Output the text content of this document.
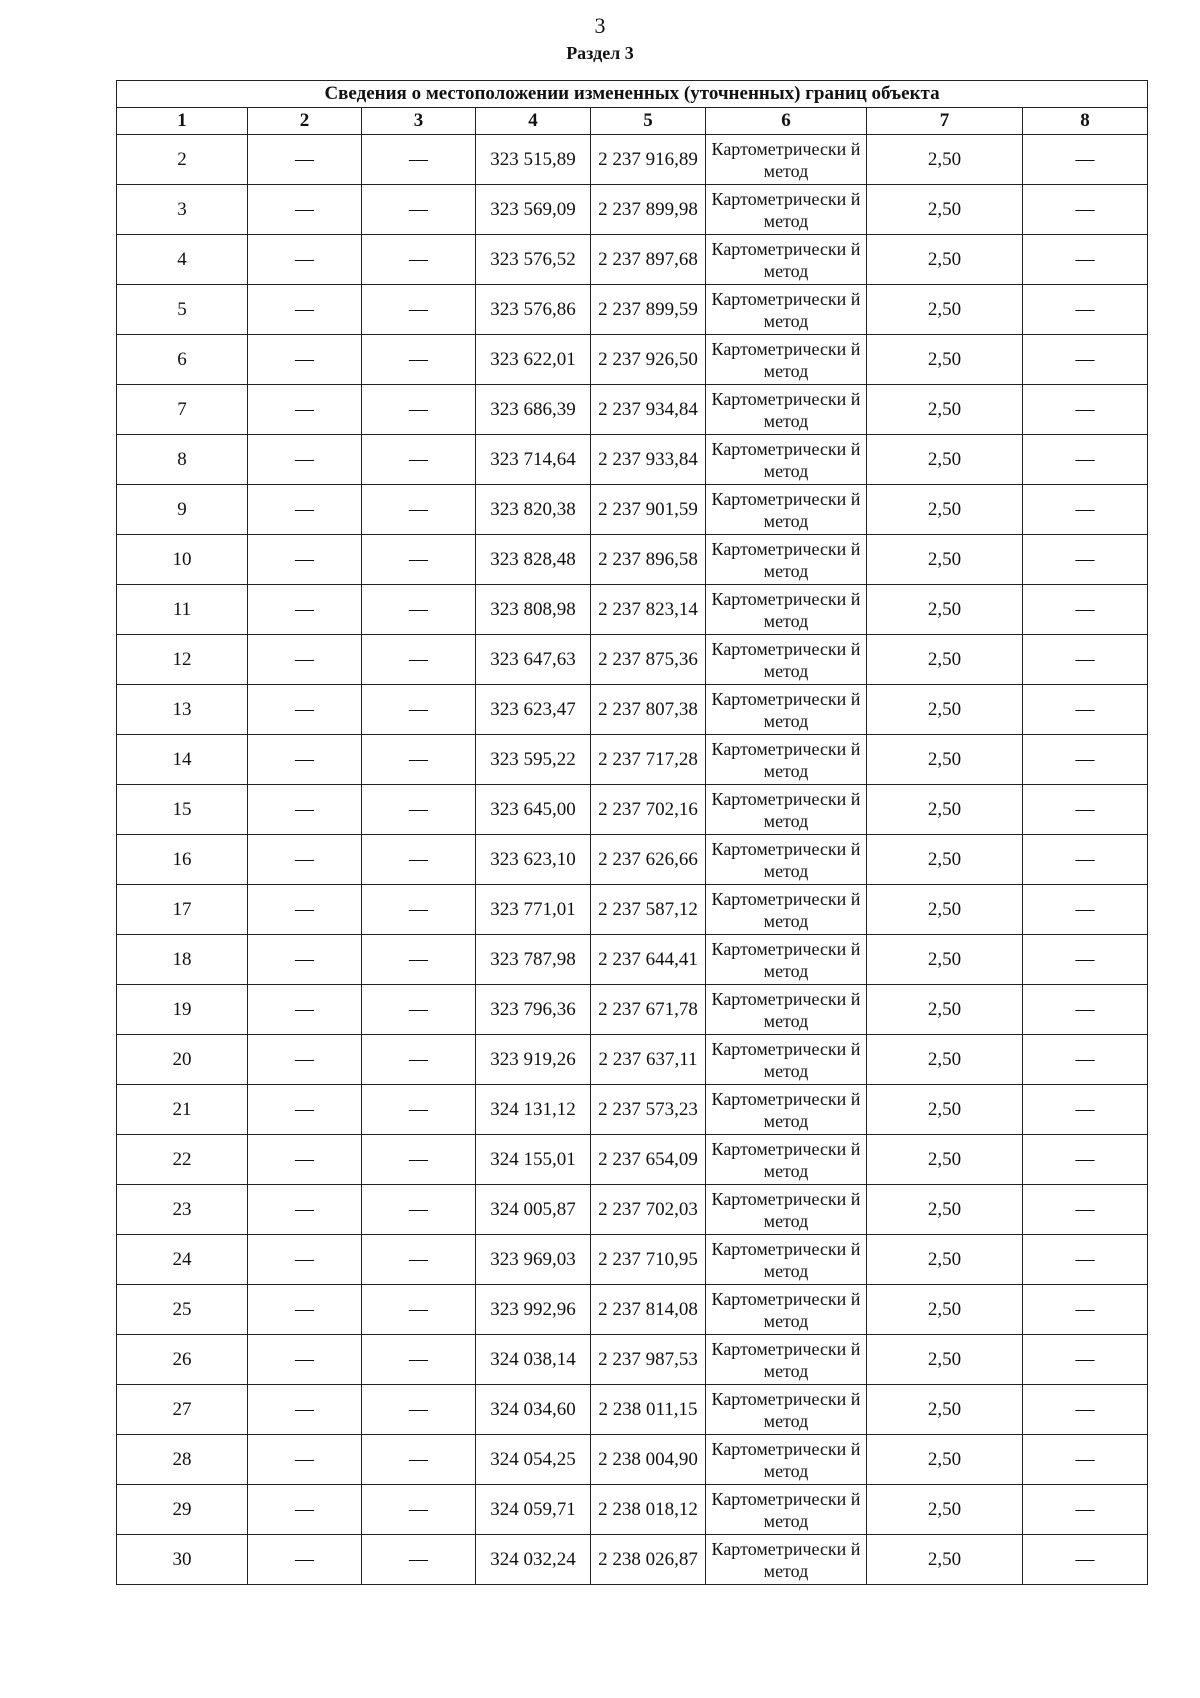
3
Раздел 3
Сведения о местоположении измененных (уточненных) границ объекта							
1	2	3	4	5	6	7	8
2	—	—	323 515,89	2 237 916,89	Картометрически й метод	2,50	—
3	—	—	323 569,09	2 237 899,98	Картометрически й метод	2,50	—
4	—	—	323 576,52	2 237 897,68	Картометрически й метод	2,50	—
5	—	—	323 576,86	2 237 899,59	Картометрически й метод	2,50	—
6	—	—	323 622,01	2 237 926,50	Картометрически й метод	2,50	—
7	—	—	323 686,39	2 237 934,84	Картометрически й метод	2,50	—
8	—	—	323 714,64	2 237 933,84	Картометрически й метод	2,50	—
9	—	—	323 820,38	2 237 901,59	Картометрически й метод	2,50	—
10	—	—	323 828,48	2 237 896,58	Картометрически й метод	2,50	—
11	—	—	323 808,98	2 237 823,14	Картометрически й метод	2,50	—
12	—	—	323 647,63	2 237 875,36	Картометрически й метод	2,50	—
13	—	—	323 623,47	2 237 807,38	Картометрически й метод	2,50	—
14	—	—	323 595,22	2 237 717,28	Картометрически й метод	2,50	—
15	—	—	323 645,00	2 237 702,16	Картометрически й метод	2,50	—
16	—	—	323 623,10	2 237 626,66	Картометрически й метод	2,50	—
17	—	—	323 771,01	2 237 587,12	Картометрически й метод	2,50	—
18	—	—	323 787,98	2 237 644,41	Картометрически й метод	2,50	—
19	—	—	323 796,36	2 237 671,78	Картометрически й метод	2,50	—
20	—	—	323 919,26	2 237 637,11	Картометрически й метод	2,50	—
21	—	—	324 131,12	2 237 573,23	Картометрически й метод	2,50	—
22	—	—	324 155,01	2 237 654,09	Картометрически й метод	2,50	—
23	—	—	324 005,87	2 237 702,03	Картометрически й метод	2,50	—
24	—	—	323 969,03	2 237 710,95	Картометрически й метод	2,50	—
25	—	—	323 992,96	2 237 814,08	Картометрически й метод	2,50	—
26	—	—	324 038,14	2 237 987,53	Картометрически й метод	2,50	—
27	—	—	324 034,60	2 238 011,15	Картометрически й метод	2,50	—
28	—	—	324 054,25	2 238 004,90	Картометрически й метод	2,50	—
29	—	—	324 059,71	2 238 018,12	Картометрически й метод	2,50	—
30	—	—	324 032,24	2 238 026,87	Картометрически й метод	2,50	—
